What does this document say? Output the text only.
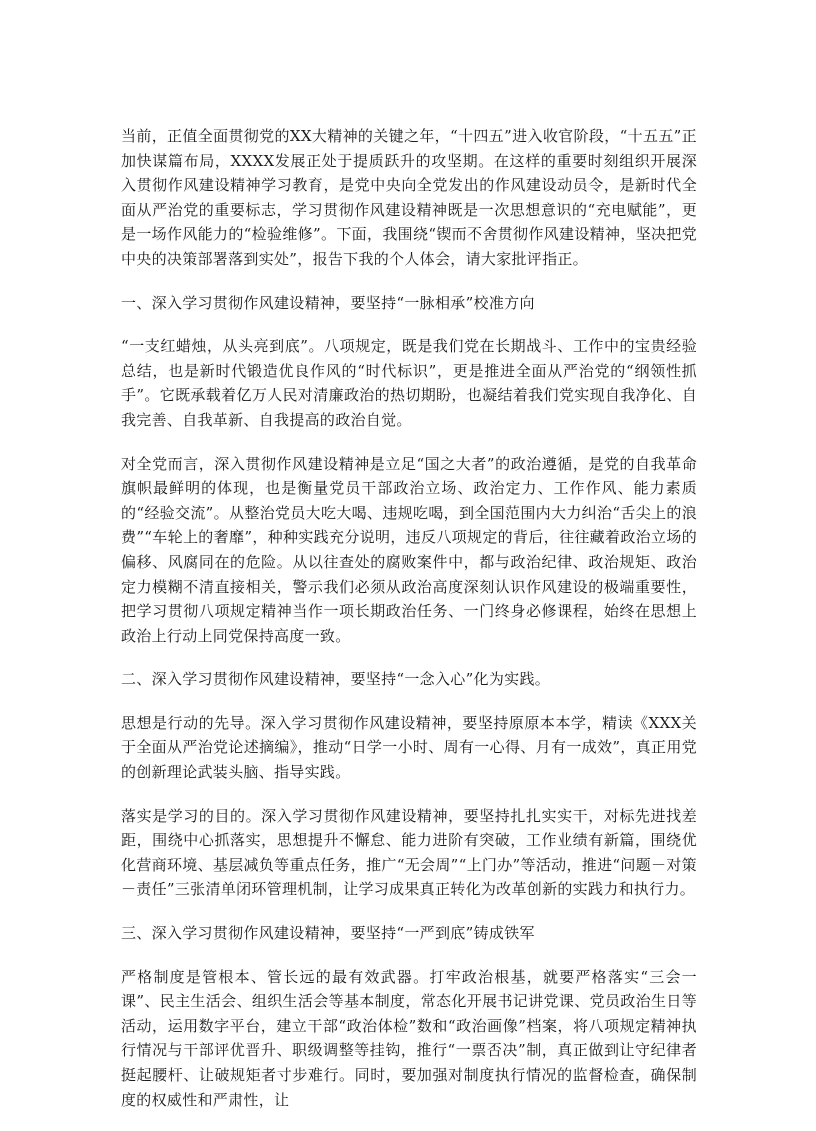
当前，正值全面贯彻党的XX大精神的关键之年，“十四五”进入收官阶段，“十五五”正加快谋篇布局，XXXX发展正处于提质跃升的攻坚期。在这样的重要时刻组织开展深入贯彻作风建设精神学习教育，是党中央向全党发出的作风建设动员令，是新时代全面从严治党的重要标志，学习贯彻作风建设精神既是一次思想意识的“充电赋能”，更是一场作风能力的“检验维修”。下面，我围绕“锲而不舍贯彻作风建设精神，坚决把党中央的决策部署落到实处”，报告下我的个人体会，请大家批评指正。

一、深入学习贯彻作风建设精神，要坚持“一脉相承”校准方向

“一支红蜡烛，从头亮到底”。八项规定，既是我们党在长期战斗、工作中的宝贵经验总结，也是新时代锻造优良作风的“时代标识”，更是推进全面从严治党的“纲领性抓手”。它既承载着亿万人民对清廉政治的热切期盼，也凝结着我们党实现自我净化、自我完善、自我革新、自我提高的政治自觉。

对全党而言，深入贯彻作风建设精神是立足“国之大者”的政治遵循，是党的自我革命旗帜最鲜明的体现，也是衡量党员干部政治立场、政治定力、工作作风、能力素质的“经验交流”。从整治党员大吃大喝、违规吃喝，到全国范围内大力纠治“舌尖上的浪费”“车轮上的奢靡”，种种实践充分说明，违反八项规定的背后，往往藏着政治立场的偏移、风腐同在的危险。从以往查处的腐败案件中，都与政治纪律、政治规矩、政治定力模糊不清直接相关，警示我们必须从政治高度深刻认识作风建设的极端重要性，把学习贯彻八项规定精神当作一项长期政治任务、一门终身必修课程，始终在思想上政治上行动上同党保持高度一致。

二、深入学习贯彻作风建设精神，要坚持“一念入心”化为实践。

思想是行动的先导。深入学习贯彻作风建设精神，要坚持原原本本学，精读《XXX关于全面从严治党论述摘编》，推动“日学一小时、周有一心得、月有一成效”，真正用党的创新理论武装头脑、指导实践。

落实是学习的目的。深入学习贯彻作风建设精神，要坚持扎扎实实干，对标先进找差距，围绕中心抓落实，思想提升不懈怠、能力进阶有突破，工作业绩有新篇，围绕优化营商环境、基层减负等重点任务，推广“无会周”“上门办”等活动，推进“问题－对策－责任”三张清单闭环管理机制，让学习成果真正转化为改革创新的实践力和执行力。

三、深入学习贯彻作风建设精神，要坚持“一严到底”铸成铁军

严格制度是管根本、管长远的最有效武器。打牢政治根基，就要严格落实“三会一课”、民主生活会、组织生活会等基本制度，常态化开展书记讲党课、党员政治生日等活动，运用数字平台，建立干部“政治体检”数和“政治画像”档案，将八项规定精神执行情况与干部评优晋升、职级调整等挂钩，推行“一票否决”制，真正做到让守纪律者挺起腰杆、让破规矩者寸步难行。同时，要加强对制度执行情况的监督检查，确保制度的权威性和严肃性，让
